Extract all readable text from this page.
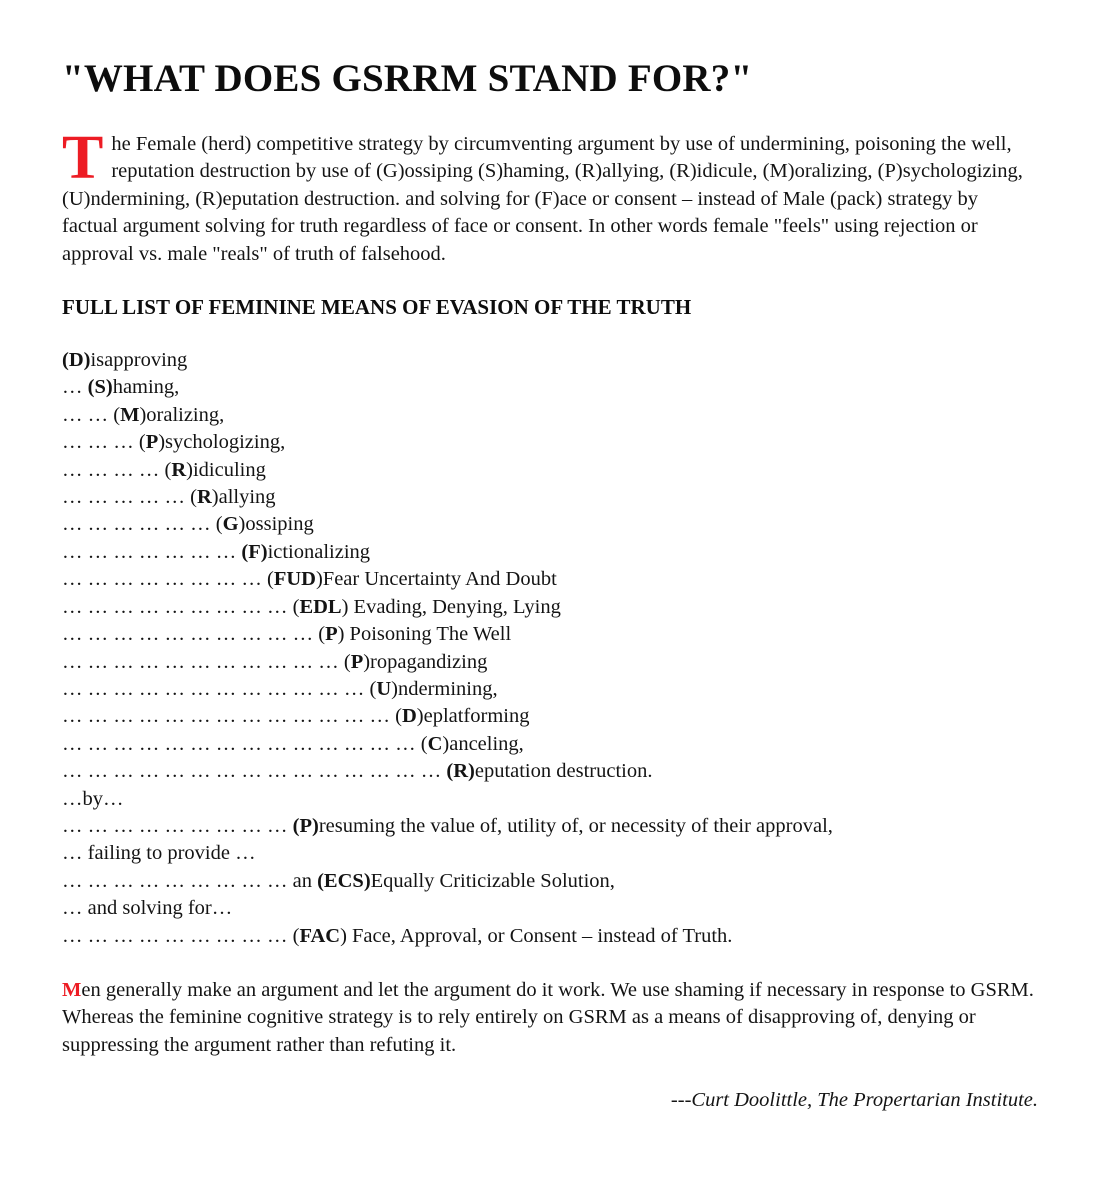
"WHAT DOES GSRRM STAND FOR?"

The Female (herd) competitive strategy by circumventing argument by use of undermining, poisoning the well, reputation destruction by use of (G)ossiping (S)haming, (R)allying, (R)idicule, (M)oralizing, (P)sychologizing, (U)ndermining, (R)eputation destruction. and solving for (F)ace or consent – instead of Male (pack) strategy by factual argument solving for truth regardless of face or consent. In other words female "feels" using rejection or approval vs. male "reals" of truth of falsehood.

FULL LIST OF FEMININE MEANS OF EVASION OF THE TRUTH
(D)isapproving
… (S)haming,
… … (M)oralizing,
… … … (P)sychologizing,
… … … … (R)idiculing
… … … … … (R)allying
… … … … … … (G)ossiping
… … … … … … … (F)ictionalizing
… … … … … … … … (FUD)Fear Uncertainty And Doubt
… … … … … … … … … (EDL) Evading, Denying, Lying
… … … … … … … … … … (P) Poisoning The Well
… … … … … … … … … … … (P)ropagandizing
… … … … … … … … … … … … (U)ndermining,
… … … … … … … … … … … … … (D)eplatforming
… … … … … … … … … … … … … … (C)anceling,
… … … … … … … … … … … … … … … (R)eputation destruction.
…by…
… … … … … … … … … (P)resuming the value of, utility of, or necessity of their approval,
… failing to provide …
… … … … … … … … … an (ECS)Equally Criticizable Solution,
… and solving for…
… … … … … … … … … (FAC) Face, Approval, or Consent – instead of Truth.

Men generally make an argument and let the argument do it work. We use shaming if necessary in response to GSRM. Whereas the feminine cognitive strategy is to rely entirely on GSRM as a means of disapproving of, denying or suppressing the argument rather than refuting it.

---Curt Doolittle, The Propertarian Institute.
